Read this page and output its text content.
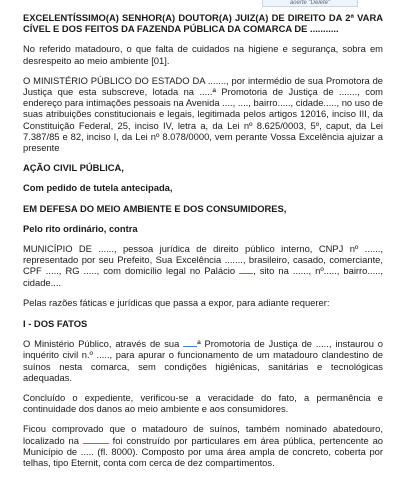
aoerte "Delete"

EXCELENTÍSSIMO(A) SENHOR(A) DOUTOR(A) JUIZ(A) DE DIREITO DA 2ª VARA CÍVEL E DOS FEITOS DA FAZENDA PÚBLICA DA COMARCA DE ...........

No referido matadouro, o que falta de cuidados na higiene e segurança, sobra em desrespeito ao meio ambiente [01].

O MINISTÉRIO PÚBLICO DO ESTADO DA ......., por intermédio de sua Promotora de Justiça que esta subscreve, lotada na .....ª Promotoria de Justiça de ......., com endereço para intimações pessoais na Avenida ...., ...., bairro....., cidade....., no uso de suas atribuições constitucionais e legais, legitimada pelos artigos 12016, inciso III, da Constituição Federal, 25, inciso IV, letra a, da Lei nº 8.625/0003, 5º, caput, da Lei 7.387/85 e 82, inciso I, da Lei nº 8.078/0000, vem perante Vossa Excelência ajuizar a presente

AÇÃO CIVIL PÚBLICA,

Com pedido de tutela antecipada,

EM DEFESA DO MEIO AMBIENTE E DOS CONSUMIDORES,

Pelo rito ordinário, contra

MUNICÍPIO DE ......, pessoa jurídica de direito público interno, CNPJ nº ......, representado por seu Prefeito, Sua Excelência ......., brasileiro, casado, comerciante, CPF ....., RG ....., com domicílio legal no Palácio , sito na ......, nº....., bairro....., cidade....

Pelas razões fáticas e jurídicas que passa a expor, para adiante requerer:

I - DOS FATOS

O Ministério Público, através de sua ª Promotoria de Justiça de ....., instaurou o inquérito civil n.º ....., para apurar o funcionamento de um matadouro clandestino de suínos nesta comarca, sem condições higiênicas, sanitárias e tecnológicas adequadas.

Concluído o expediente, verificou-se a veracidade do fato, a permanência e continuidade dos danos ao meio ambiente e aos consumidores.

Ficou comprovado que o matadouro de suínos, também nominado abatedouro, localizado na	foi construído por particulares em área pública, pertencente ao Município de ..... (fl. 8000). Composto por uma área ampla de concreto, coberta por telhas, tipo Eternit, conta com cerca de dez compartimentos.
